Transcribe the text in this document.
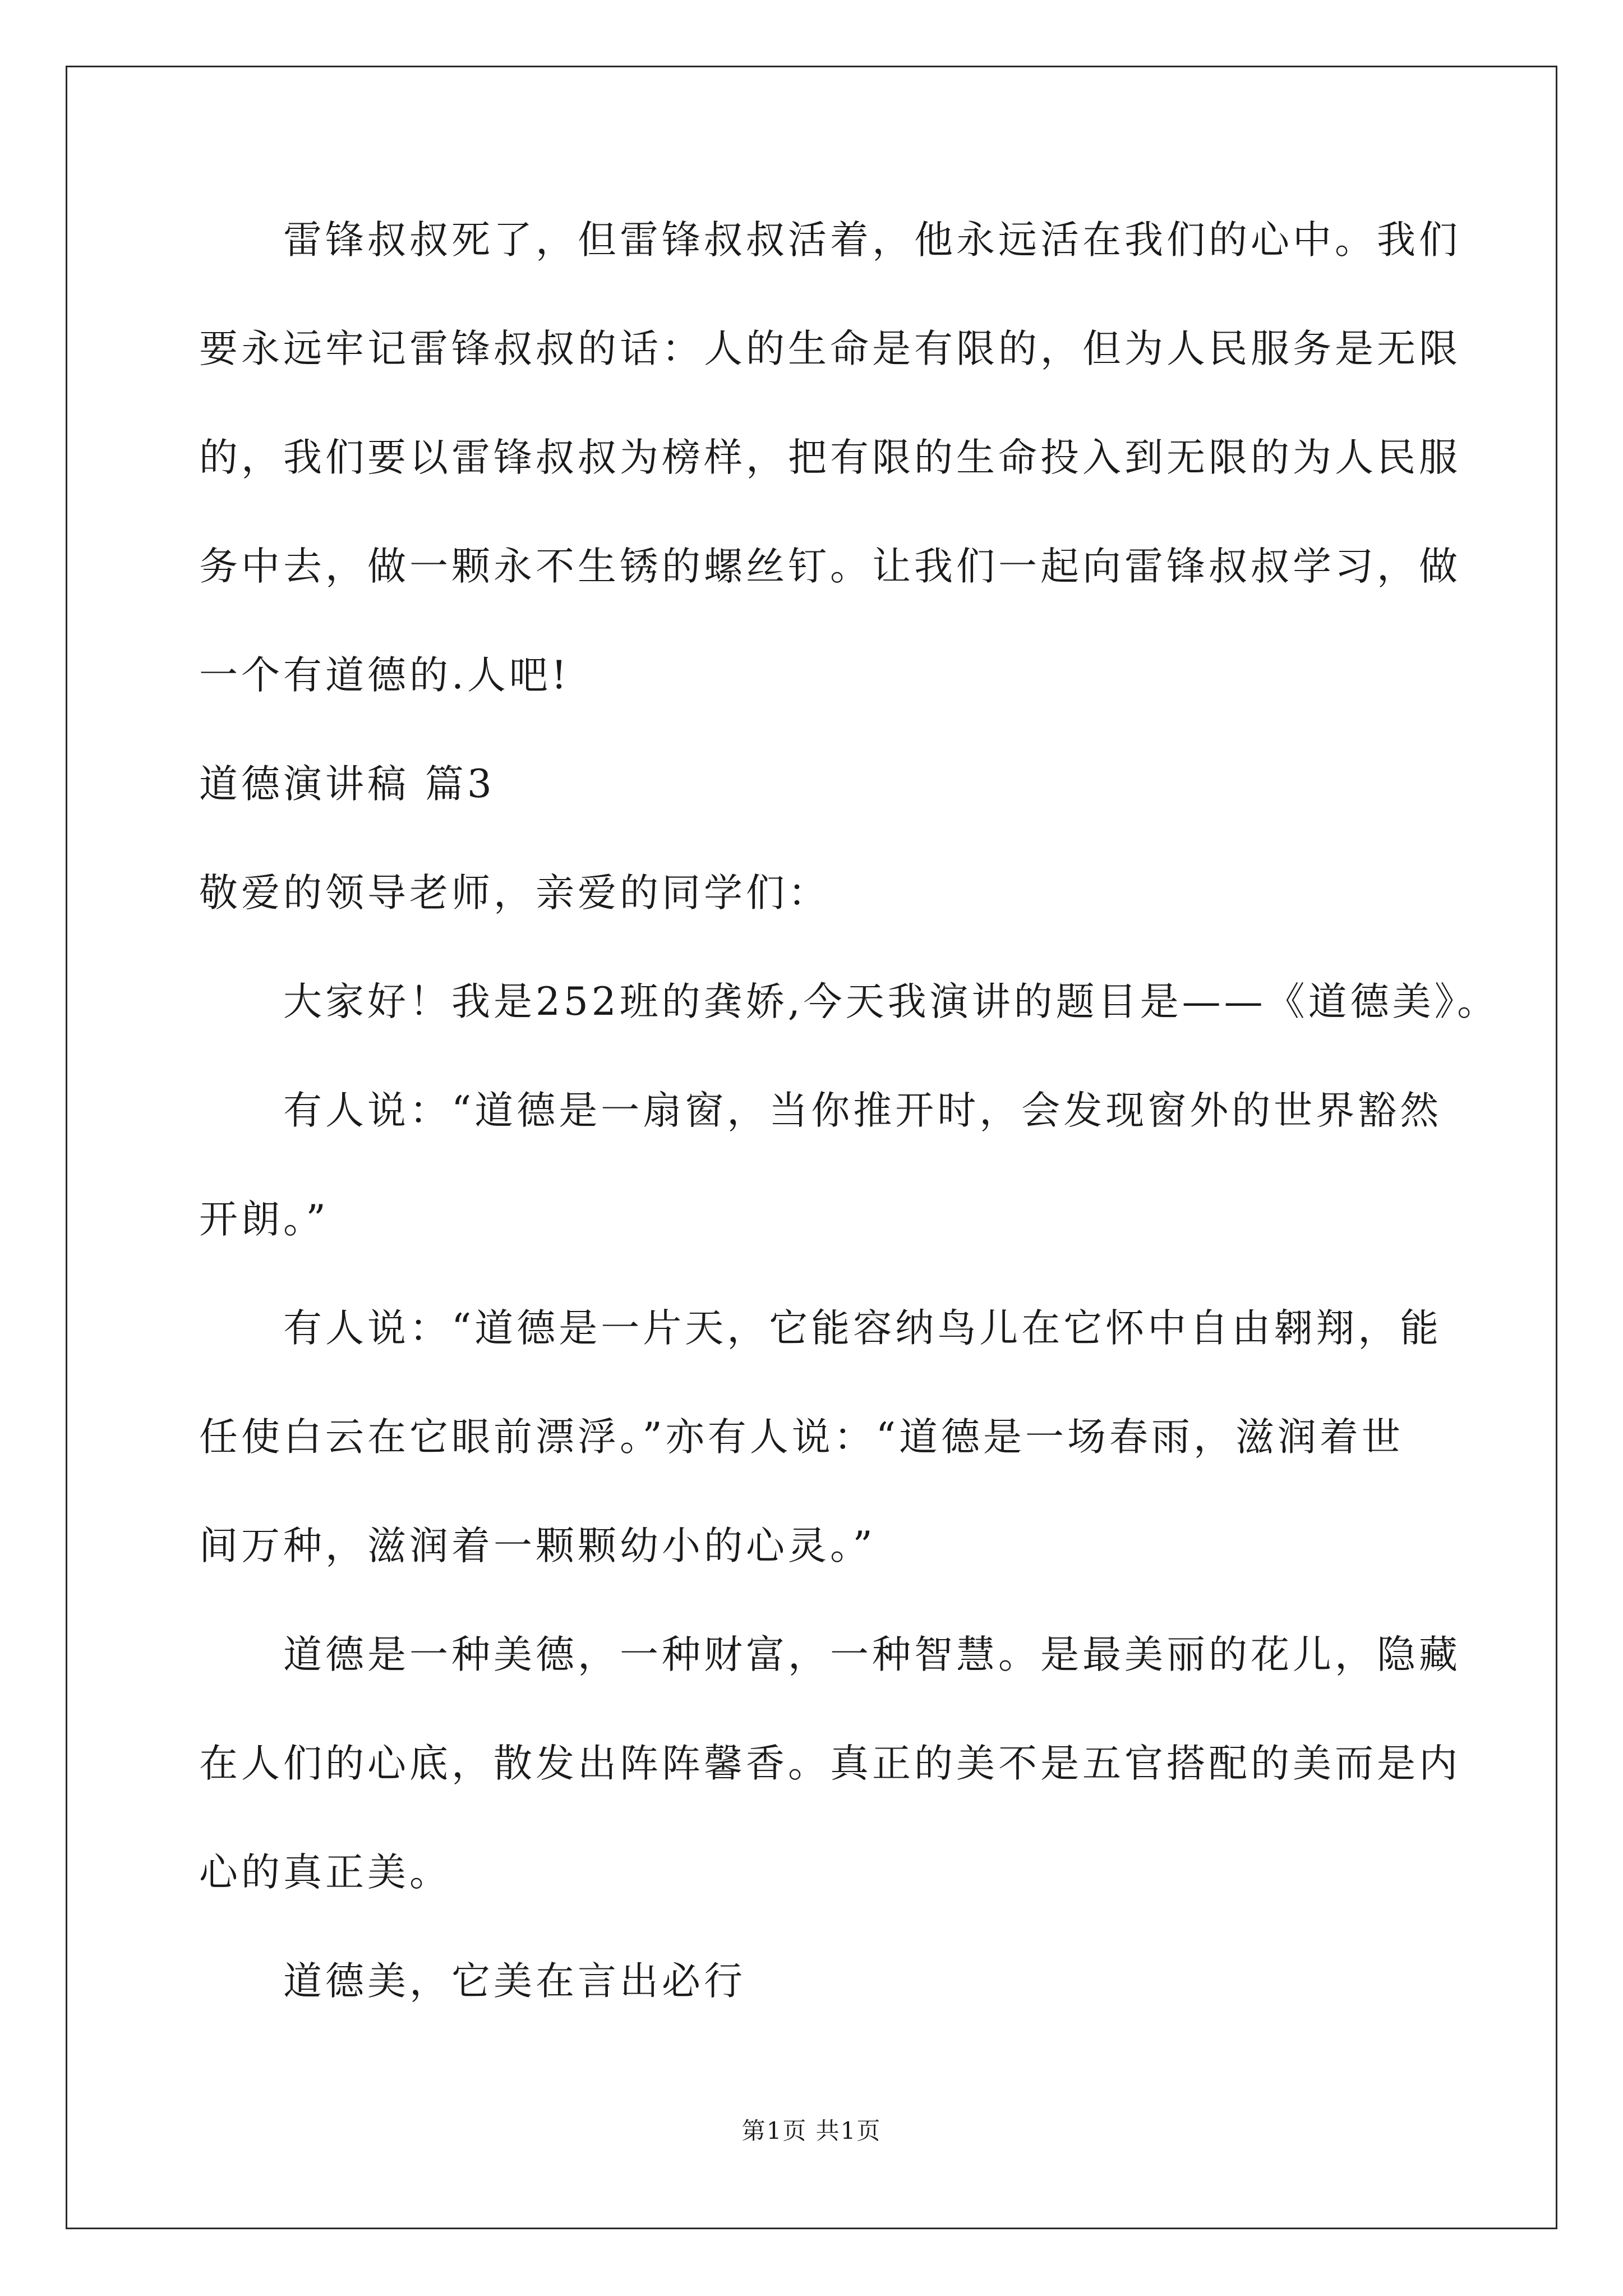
雷锋叔叔死了，但雷锋叔叔活着，他永远活在我们的心中。我们
要永远牢记雷锋叔叔的话：人的生命是有限的，但为人民服务是无限
的，我们要以雷锋叔叔为榜样，把有限的生命投入到无限的为人民服
务中去，做一颗永不生锈的螺丝钉。让我们一起向雷锋叔叔学习，做
一个有道德的.人吧!
道德演讲稿 篇3
敬爱的领导老师，亲爱的同学们：
大家好！我是252班的龚娇,今天我演讲的题目是——《道德美》。
有人说：“道德是一扇窗，当你推开时，会发现窗外的世界豁然
开朗。”
有人说：“道德是一片天，它能容纳鸟儿在它怀中自由翱翔，能
任使白云在它眼前漂浮。”亦有人说：“道德是一场春雨，滋润着世
间万种，滋润着一颗颗幼小的心灵。”
道德是一种美德，一种财富，一种智慧。是最美丽的花儿，隐藏
在人们的心底，散发出阵阵馨香。真正的美不是五官搭配的美而是内
心的真正美。
道德美，它美在言出必行
第1页 共1页
